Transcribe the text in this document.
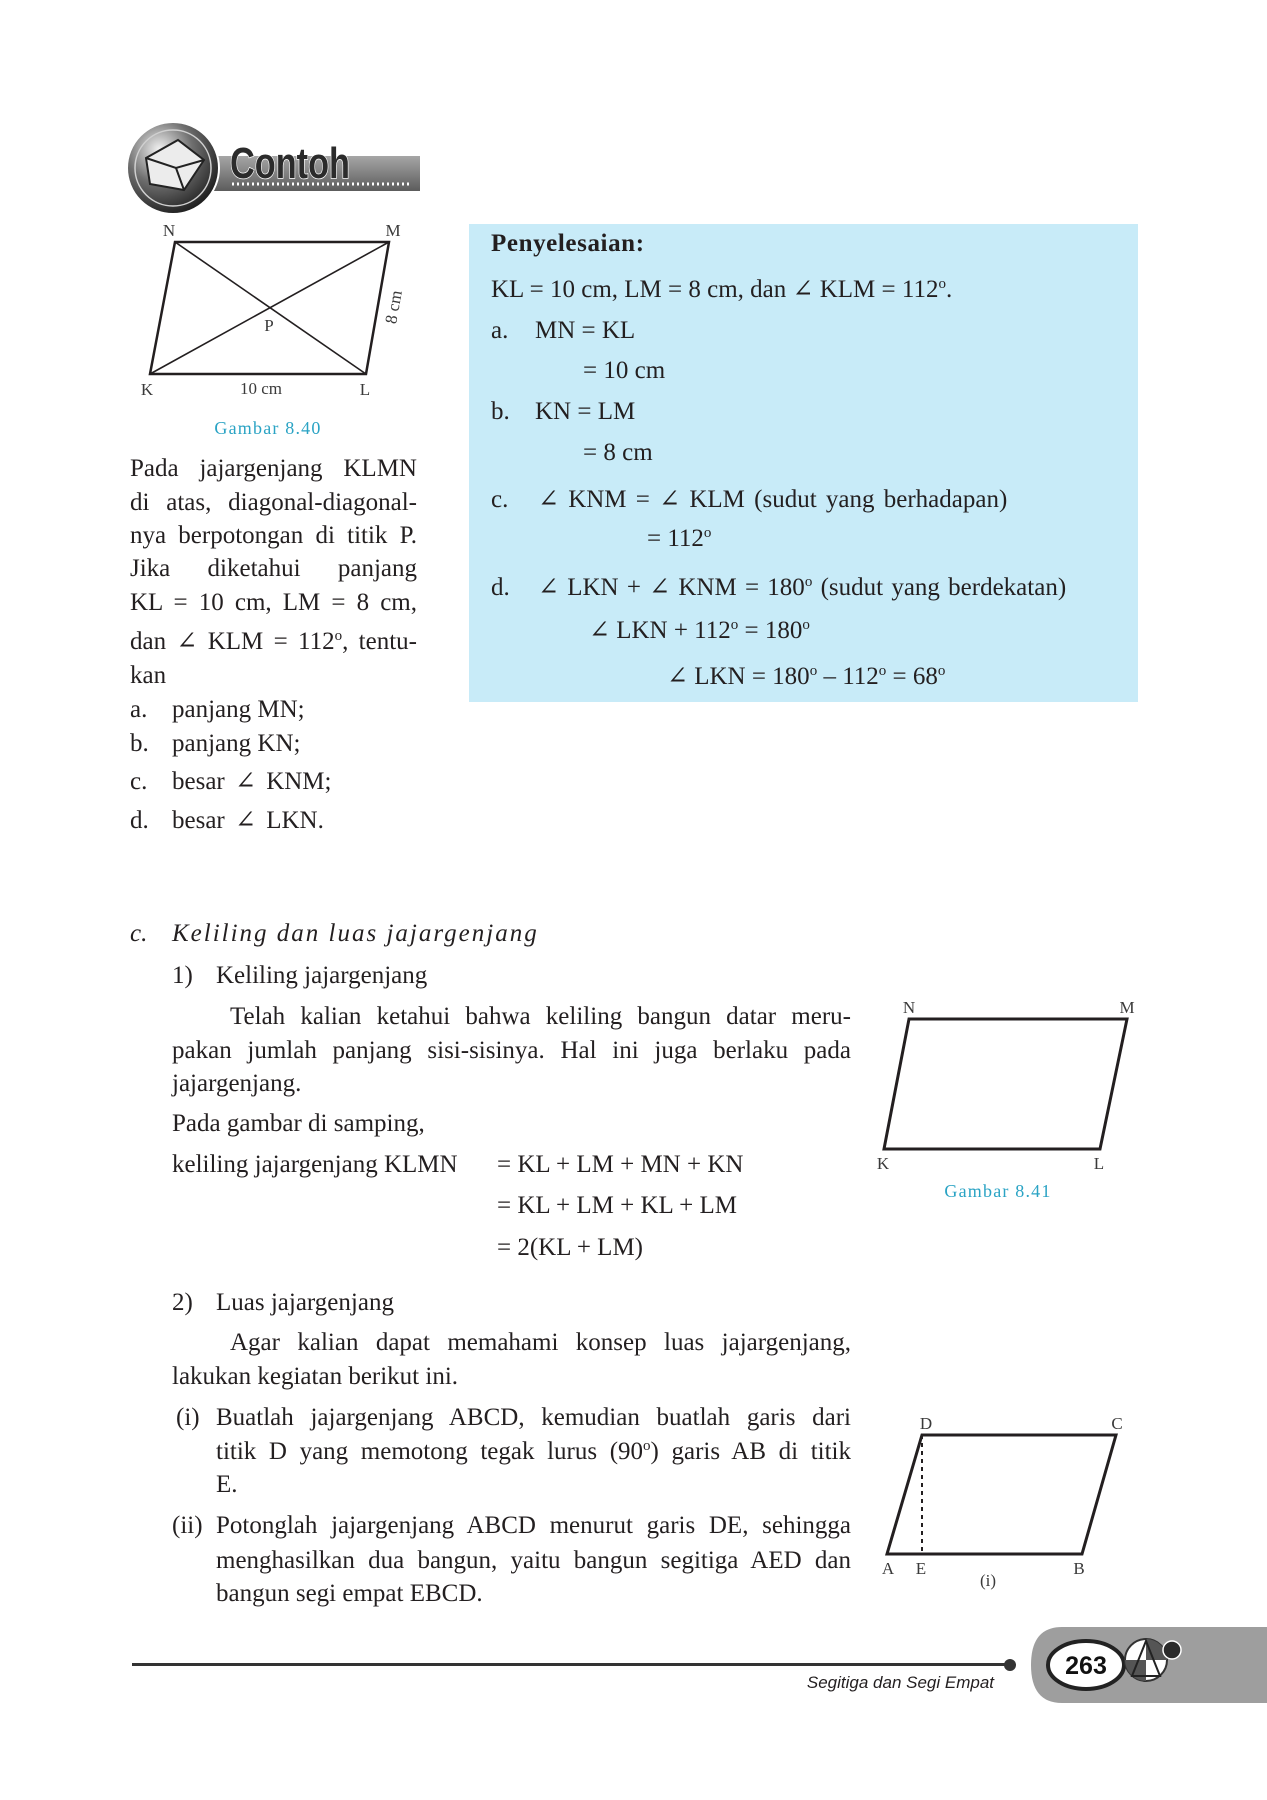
Contoh
N	M
K	L
P
10 cm
8 cm
Gambar 8.40
Pada jajargenjang KLMN
di atas, diagonal-diagonal-
nya berpotongan di titik P.
Jika diketahui panjang
KL = 10 cm, LM = 8 cm,
dan ∠ KLM = $112^o$, tentu-
kan
a. panjang MN;
b. panjang KN;
c. besar ∠ KNM;
d. besar ∠ LKN.
Penyelesaian:
KL = 10 cm, LM = 8 cm, dan ∠ KLM = $112^o$.
a. MN = KL
= 10 cm
b. KN = LM
= 8 cm
c. ∠ KNM = ∠ KLM (sudut yang berhadapan)
= $112^o$
d. ∠ LKN + ∠ KNM = $180^o$ (sudut yang berdekatan)
∠ LKN + $112^o = 180^o$
∠ LKN = $180^o - 112^o = 68^o$
c. Keliling dan luas jajargenjang
1) Keliling jajargenjang
Telah kalian ketahui bahwa keliling bangun datar meru-
pakan jumlah panjang sisi-sisinya. Hal ini juga berlaku pada
jajargenjang.
Pada gambar di samping,
keliling jajargenjang KLMN = KL + LM + MN + KN
= KL + LM + KL + LM
= 2(KL + LM)
2) Luas jajargenjang
Agar kalian dapat memahami konsep luas jajargenjang,
lakukan kegiatan berikut ini.
(i) Buatlah jajargenjang ABCD, kemudian buatlah garis dari
titik D yang memotong tegak lurus (90$^o$) garis AB di titik
E.
(ii) Potonglah jajargenjang ABCD menurut garis DE, sehingga
menghasilkan dua bangun, yaitu bangun segitiga AED dan
bangun segi empat EBCD.
N	M
K	L
Gambar 8.41
D	C
A E	B
(i)
263
Segitiga dan Segi Empat
